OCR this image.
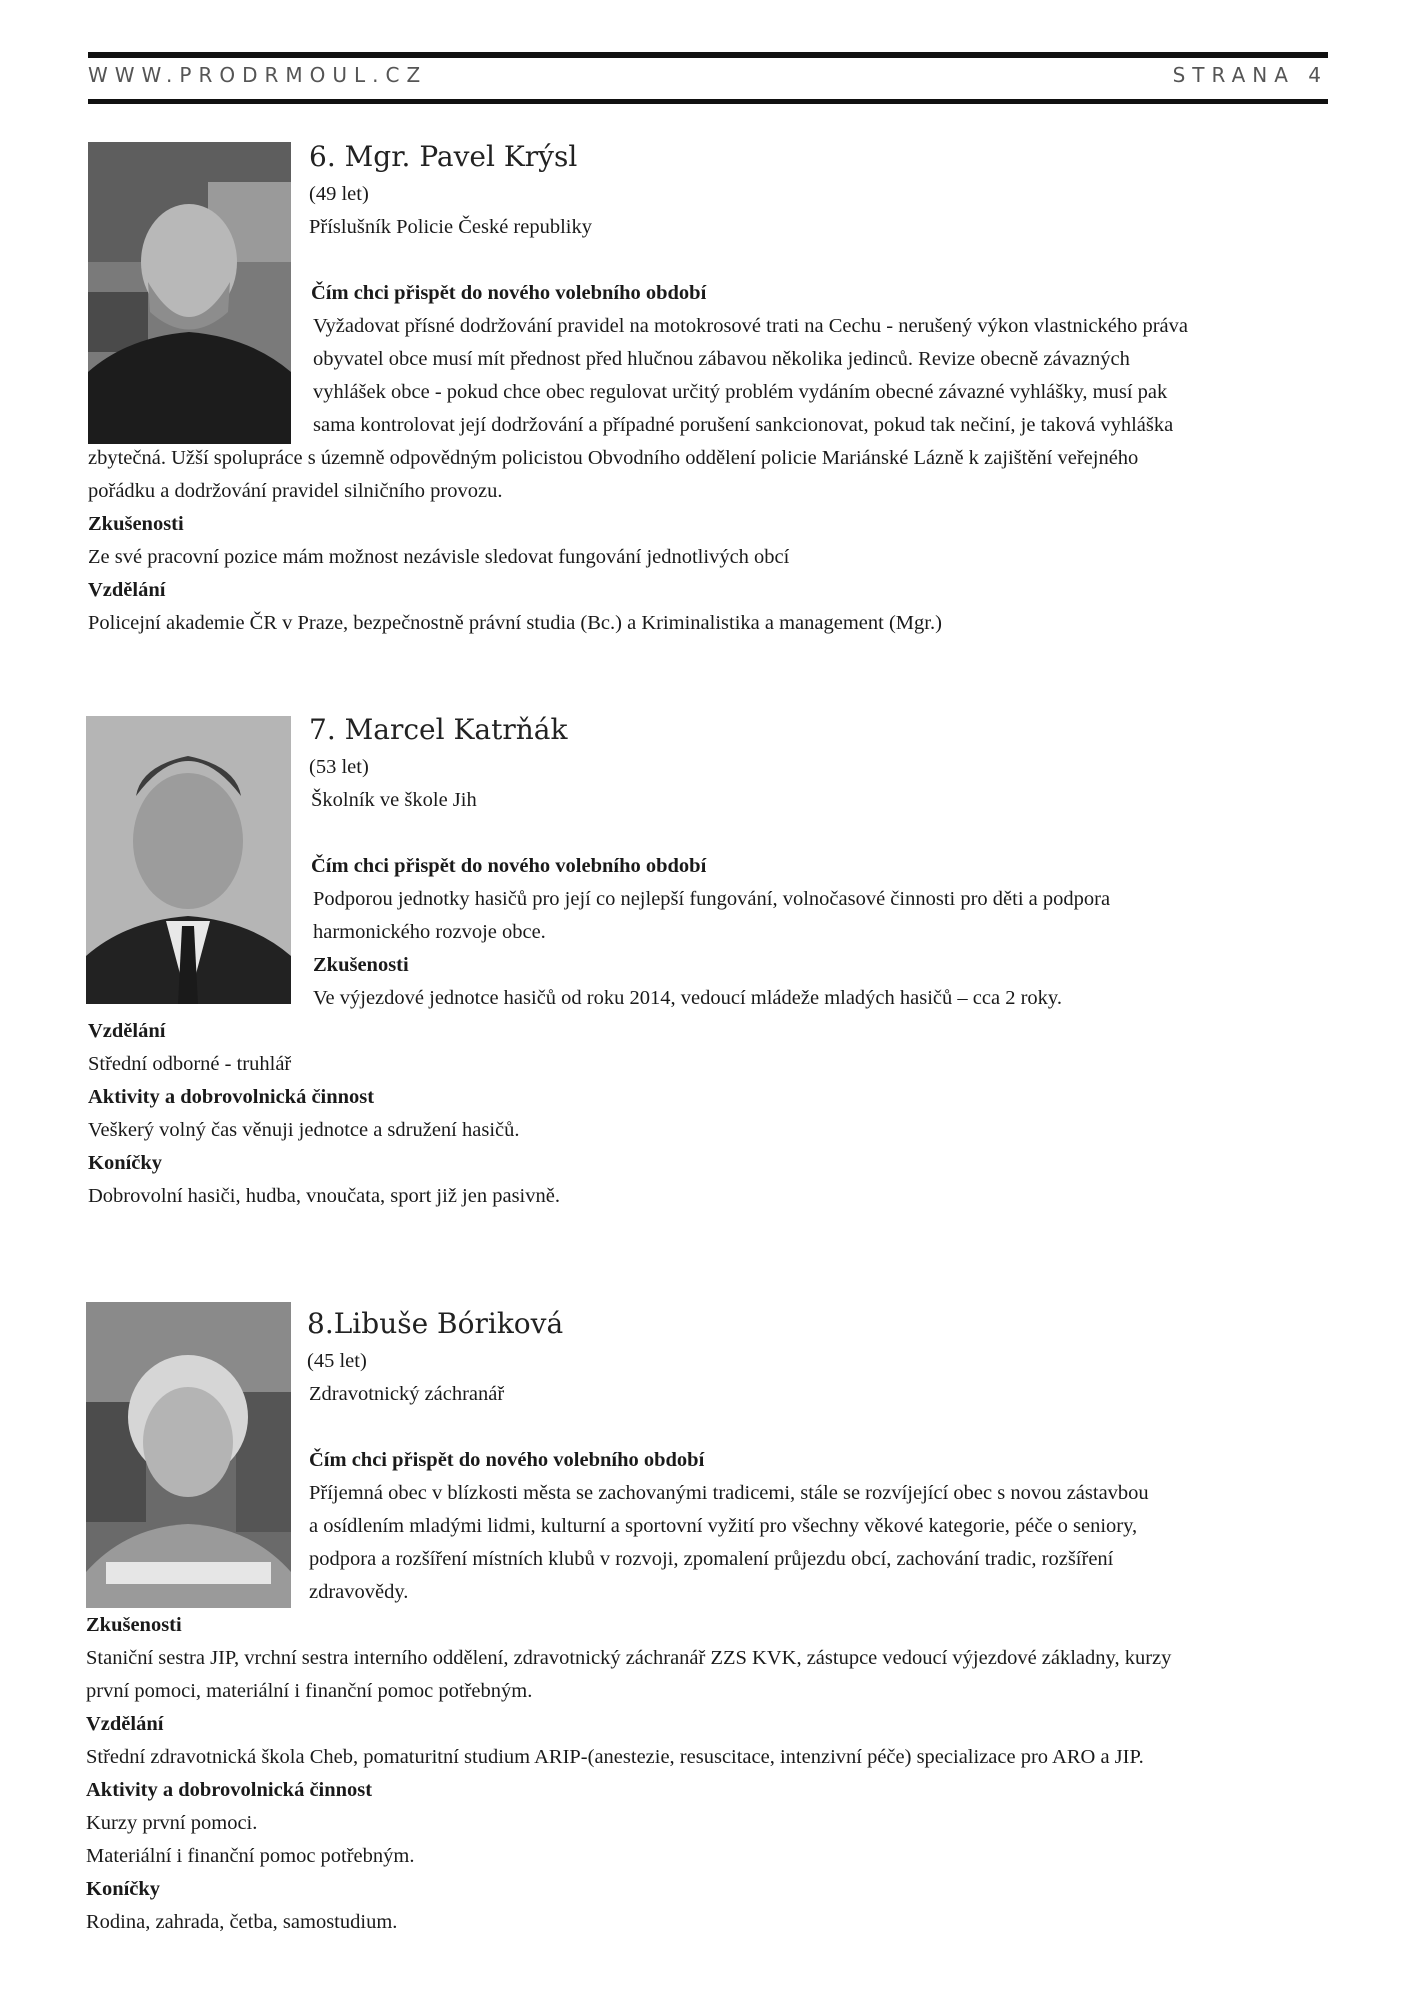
WWW.PRODRMOUL.CZ	STRANA 4
6. Mgr. Pavel Krýsl
(49 let)
Příslušník Policie České republiky
Čím chci přispět do nového volebního období
Vyžadovat přísné dodržování pravidel na motokrosové trati na Cechu - nerušený výkon vlastnického práva
obyvatel obce musí mít přednost před hlučnou zábavou několika jedinců. Revize obecně závazných
vyhlášek obce - pokud chce obec regulovat určitý problém vydáním obecné závazné vyhlášky, musí pak
sama kontrolovat její dodržování a případné porušení sankcionovat, pokud tak nečiní, je taková vyhláška
zbytečná. Užší spolupráce s územně odpovědným policistou Obvodního oddělení policie Mariánské Lázně k zajištění veřejného
pořádku a dodržování pravidel silničního provozu.
Zkušenosti
Ze své pracovní pozice mám možnost nezávisle sledovat fungování jednotlivých obcí
Vzdělání
Policejní akademie ČR v Praze, bezpečnostně právní studia (Bc.) a Kriminalistika a management (Mgr.)
7. Marcel Katrňák
(53 let)
Školník ve škole Jih
Čím chci přispět do nového volebního období
Podporou jednotky hasičů pro její co nejlepší fungování, volnočasové činnosti pro děti a podpora
harmonického rozvoje obce.
Zkušenosti
Ve výjezdové jednotce hasičů od roku 2014, vedoucí mládeže mladých hasičů – cca 2 roky.
Vzdělání
Střední odborné - truhlář
Aktivity a dobrovolnická činnost
Veškerý volný čas věnuji jednotce a sdružení hasičů.
Koníčky
Dobrovolní hasiči, hudba, vnoučata, sport již jen pasivně.
8.Libuše Bóriková
(45 let)
Zdravotnický záchranář
Čím chci přispět do nového volebního období
Příjemná obec v blízkosti města se zachovanými tradicemi, stále se rozvíjející obec s novou zástavbou
a osídlením mladými lidmi, kulturní a sportovní vyžití pro všechny věkové kategorie, péče o seniory,
podpora a rozšíření místních klubů v rozvoji, zpomalení průjezdu obcí, zachování tradic, rozšíření
zdravovědy.
Zkušenosti
Staniční sestra JIP, vrchní sestra interního oddělení, zdravotnický záchranář ZZS KVK, zástupce vedoucí výjezdové základny, kurzy
první pomoci, materiální i finanční pomoc potřebným.
Vzdělání
Střední zdravotnická škola Cheb, pomaturitní studium ARIP-(anestezie, resuscitace, intenzivní péče) specializace pro ARO a JIP.
Aktivity a dobrovolnická činnost
Kurzy první pomoci.
Materiální i finanční pomoc potřebným.
Koníčky
Rodina, zahrada, četba, samostudium.
